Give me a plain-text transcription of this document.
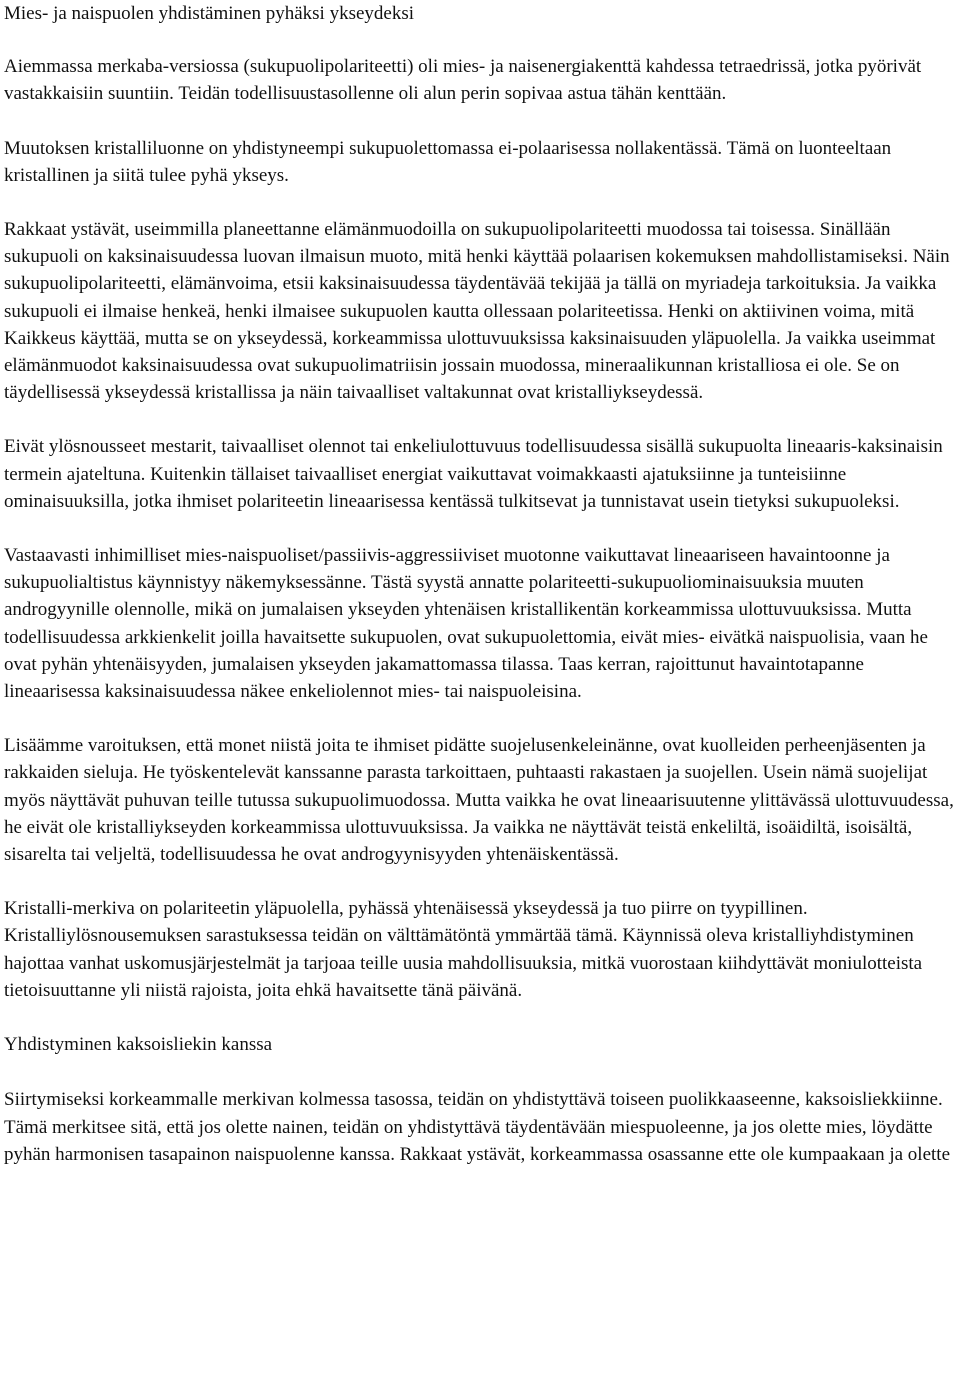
Mies- ja naispuolen yhdistäminen pyhäksi ykseydeksi

Aiemmassa merkaba-versiossa (sukupuolipolariteetti) oli mies- ja naisenergiakenttä kahdessa tetraedrissä, jotka pyörivät vastakkaisiin suuntiin. Teidän todellisuustasollenne oli alun perin sopivaa astua tähän kenttään.

Muutoksen kristalliluonne on yhdistyneempi sukupuolettomassa ei-polaarisessa nollakentässä. Tämä on luonteeltaan kristallinen ja siitä tulee pyhä ykseys.

Rakkaat ystävät, useimmilla planeettanne elämänmuodoilla on sukupuolipolariteetti muodossa tai toisessa. Sinällään sukupuoli on kaksinaisuudessa luovan ilmaisun muoto, mitä henki käyttää polaarisen kokemuksen mahdollistamiseksi. Näin sukupuolipolariteetti, elämänvoima, etsii kaksinaisuudessa täydentävää tekijää ja tällä on myriadeja tarkoituksia. Ja vaikka sukupuoli ei ilmaise henkeä, henki ilmaisee sukupuolen kautta ollessaan polariteetissa. Henki on aktiivinen voima, mitä Kaikkeus käyttää, mutta se on ykseydessä, korkeammissa ulottuvuuksissa kaksinaisuuden yläpuolella. Ja vaikka useimmat elämänmuodot kaksinaisuudessa ovat sukupuolimatriisin jossain muodossa, mineraalikunnan kristalliosa ei ole. Se on täydellisessä ykseydessä kristallissa ja näin taivaalliset valtakunnat ovat kristalliykseydessä.

Eivät ylösnousseet mestarit, taivaalliset olennot tai enkeliulottuvuus todellisuudessa sisällä sukupuolta lineaaris-kaksinaisin termein ajateltuna. Kuitenkin tällaiset taivaalliset energiat vaikuttavat voimakkaasti ajatuksiinne ja tunteisiinne ominaisuuksilla, jotka ihmiset polariteetin lineaarisessa kentässä tulkitsevat ja tunnistavat usein tietyksi sukupuoleksi.

Vastaavasti inhimilliset mies-naispuoliset/passiivis-aggressiiviset muotonne vaikuttavat lineaariseen havaintoonne ja sukupuolialtistus käynnistyy näkemyksessänne. Tästä syystä annatte polariteetti-sukupuoliominaisuuksia muuten androgyynille olennolle, mikä on jumalaisen ykseyden yhtenäisen kristallikentän korkeammissa ulottuvuuksissa. Mutta todellisuudessa arkkienkelit joilla havaitsette sukupuolen, ovat sukupuolettomia, eivät mies- eivätkä naispuolisia, vaan he ovat pyhän yhtenäisyyden, jumalaisen ykseyden jakamattomassa tilassa. Taas kerran, rajoittunut havaintotapanne lineaarisessa kaksinaisuudessa näkee enkeliolennot mies- tai naispuoleisina.

Lisäämme varoituksen, että monet niistä joita te ihmiset pidätte suojelusenkeleinänne, ovat kuolleiden perheenjäsenten ja rakkaiden sieluja. He työskentelevät kanssanne parasta tarkoittaen, puhtaasti rakastaen ja suojellen. Usein nämä suojelijat myös näyttävät puhuvan teille tutussa sukupuolimuodossa. Mutta vaikka he ovat lineaarisuutenne ylittävässä ulottuvuudessa, he eivät ole kristalliykseyden korkeammissa ulottuvuuksissa. Ja vaikka ne näyttävät teistä enkeliltä, isoäidiltä, isoisältä, sisarelta tai veljeltä, todellisuudessa he ovat androgyynisyyden yhtenäiskentässä.

Kristalli-merkiva on polariteetin yläpuolella, pyhässä yhtenäisessä ykseydessä ja tuo piirre on tyypillinen. Kristalliylösnousemuksen sarastuksessa teidän on välttämätöntä ymmärtää tämä. Käynnissä oleva kristalliyhdistyminen hajottaa vanhat uskomusjärjestelmät ja tarjoaa teille uusia mahdollisuuksia, mitkä vuorostaan kiihdyttävät moniulotteista tietoisuuttanne yli niistä rajoista, joita ehkä havaitsette tänä päivänä.

Yhdistyminen kaksoisliekin kanssa

Siirtymiseksi korkeammalle merkivan kolmessa tasossa, teidän on yhdistyttävä toiseen puolikkaaseenne, kaksoisliekkiinne. Tämä merkitsee sitä, että jos olette nainen, teidän on yhdistyttävä täydentävään miespuoleenne, ja jos olette mies, löydätte pyhän harmonisen tasapainon naispuolenne kanssa. Rakkaat ystävät, korkeammassa osassanne ette ole kumpaakaan ja olette
